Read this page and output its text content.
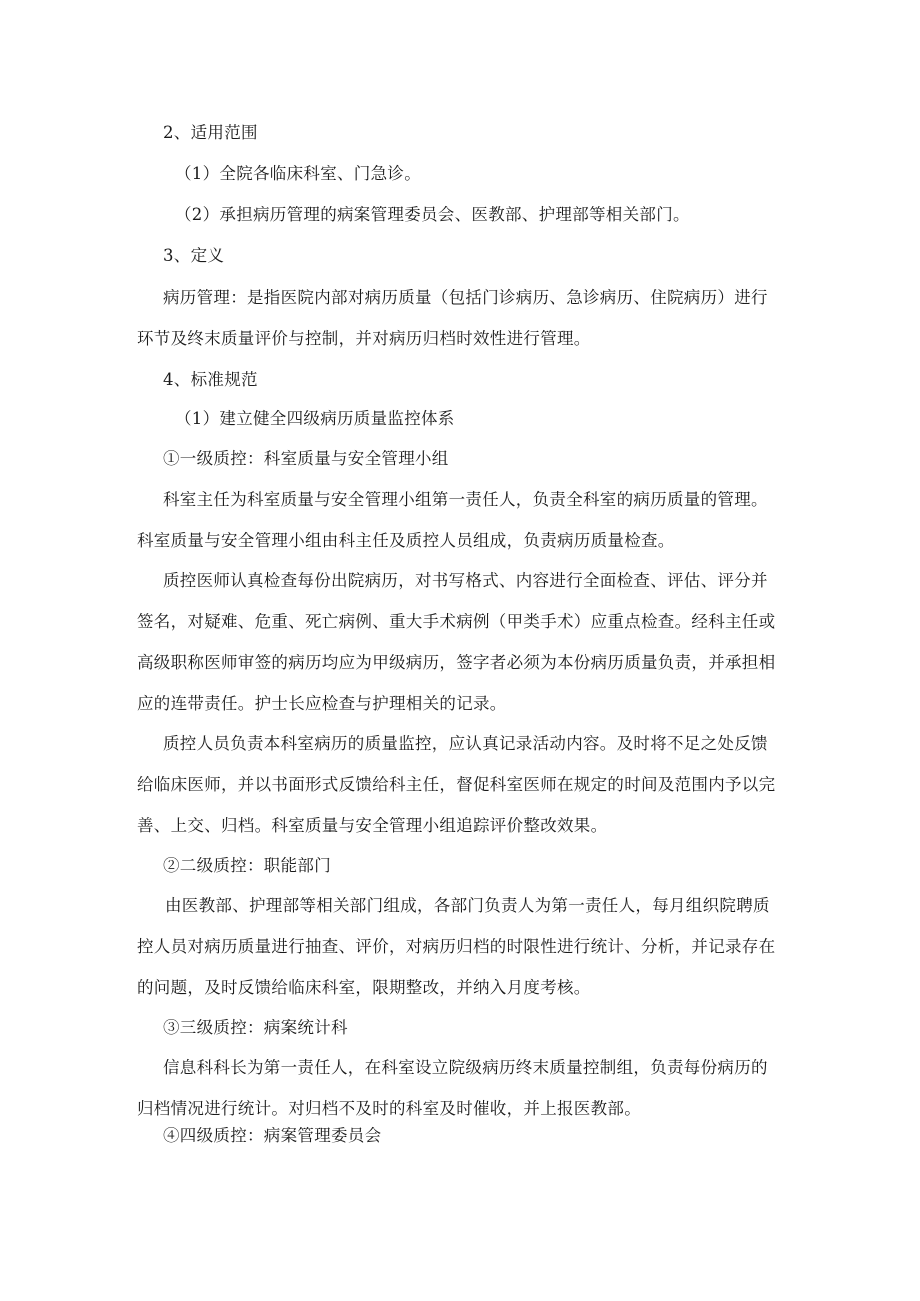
2、适用范围
（1）全院各临床科室、门急诊。
（2）承担病历管理的病案管理委员会、医教部、护理部等相关部门。
3、定义
病历管理：是指医院内部对病历质量（包括门诊病历、急诊病历、住院病历）进行
环节及终末质量评价与控制，并对病历归档时效性进行管理。
4、标准规范
（1）建立健全四级病历质量监控体系
①一级质控：科室质量与安全管理小组
科室主任为科室质量与安全管理小组第一责任人，负责全科室的病历质量的管理。
科室质量与安全管理小组由科主任及质控人员组成，负责病历质量检查。
质控医师认真检查每份出院病历，对书写格式、内容进行全面检查、评估、评分并
签名，对疑难、危重、死亡病例、重大手术病例（甲类手术）应重点检查。经科主任或
高级职称医师审签的病历均应为甲级病历，签字者必须为本份病历质量负责，并承担相
应的连带责任。护士长应检查与护理相关的记录。
质控人员负责本科室病历的质量监控，应认真记录活动内容。及时将不足之处反馈
给临床医师，并以书面形式反馈给科主任，督促科室医师在规定的时间及范围内予以完
善、上交、归档。科室质量与安全管理小组追踪评价整改效果。
②二级质控：职能部门
由医教部、护理部等相关部门组成，各部门负责人为第一责任人，每月组织院聘质
控人员对病历质量进行抽查、评价，对病历归档的时限性进行统计、分析，并记录存在
的问题，及时反馈给临床科室，限期整改，并纳入月度考核。
③三级质控：病案统计科
信息科科长为第一责任人，在科室设立院级病历终末质量控制组，负责每份病历的
归档情况进行统计。对归档不及时的科室及时催收，并上报医教部。
④四级质控：病案管理委员会
